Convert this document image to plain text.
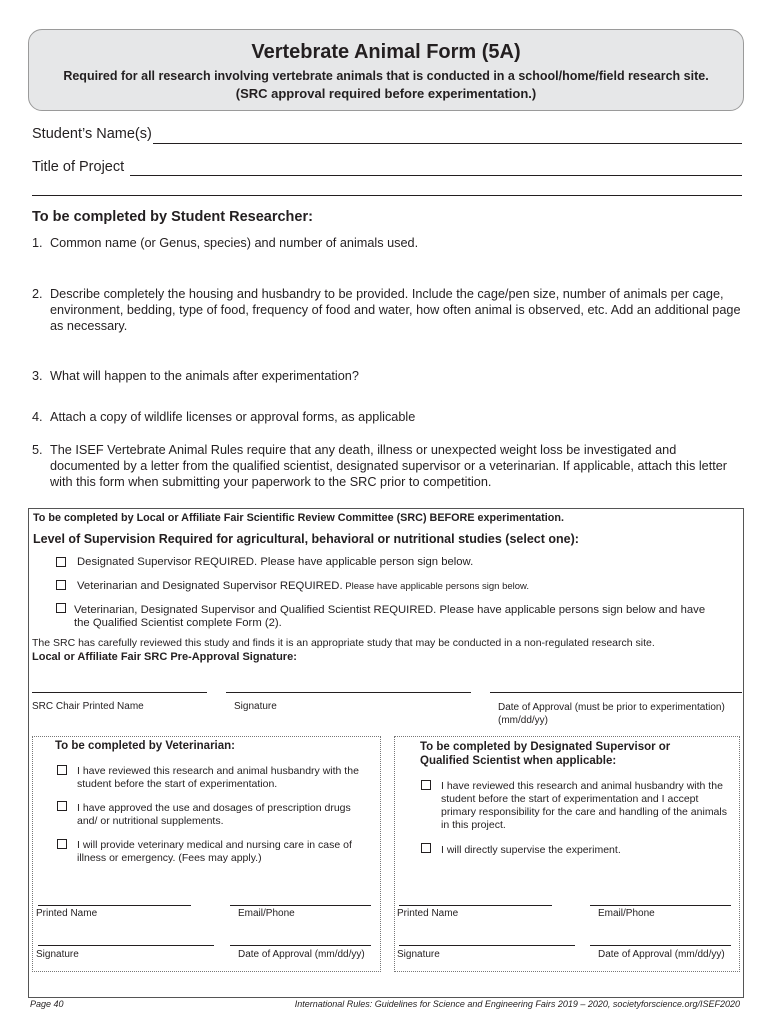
Vertebrate Animal Form (5A)
Required for all research involving vertebrate animals that is conducted in a school/home/field research site.
(SRC approval required before experimentation.)
Student’s Name(s)
Title of Project
To be completed by Student Researcher:
1. Common name (or Genus, species) and number of animals used.
2. Describe completely the housing and husbandry to be provided. Include the cage/pen size, number of animals per cage, environment, bedding, type of food, frequency of food and water, how often animal is observed, etc. Add an additional page as necessary.
3. What will happen to the animals after experimentation?
4. Attach a copy of wildlife licenses or approval forms, as applicable
5. The ISEF Vertebrate Animal Rules require that any death, illness or unexpected weight loss be investigated and documented by a letter from the qualified scientist, designated supervisor or a veterinarian. If applicable, attach this letter with this form when submitting your paperwork to the SRC prior to competition.
To be completed by Local or Affiliate Fair Scientific Review Committee (SRC) BEFORE experimentation.
Level of Supervision Required for agricultural, behavioral or nutritional studies (select one):
Designated Supervisor REQUIRED. Please have applicable person sign below.
Veterinarian and Designated Supervisor REQUIRED. Please have applicable persons sign below.
Veterinarian, Designated Supervisor and Qualified Scientist REQUIRED. Please have applicable persons sign below and have the Qualified Scientist complete Form (2).
The SRC has carefully reviewed this study and finds it is an appropriate study that may be conducted in a non-regulated research site.
Local or Affiliate Fair SRC Pre-Approval Signature:
SRC Chair Printed Name	Signature	Date of Approval (must be prior to experimentation) (mm/dd/yy)
To be completed by Veterinarian:
I have reviewed this research and animal husbandry with the student before the start of experimentation.
I have approved the use and dosages of prescription drugs and/ or nutritional supplements.
I will provide veterinary medical and nursing care in case of illness or emergency. (Fees may apply.)
Printed Name	Email/Phone
Signature	Date of Approval (mm/dd/yy)
To be completed by Designated Supervisor or Qualified Scientist when applicable:
I have reviewed this research and animal husbandry with the student before the start of experimentation and I accept primary responsibility for the care and handling of the animals in this project.
I will directly supervise the experiment.
Printed Name	Email/Phone
Signature	Date of Approval (mm/dd/yy)
Page 40	International Rules: Guidelines for Science and Engineering Fairs 2019 – 2020, societyforscience.org/ISEF2020
